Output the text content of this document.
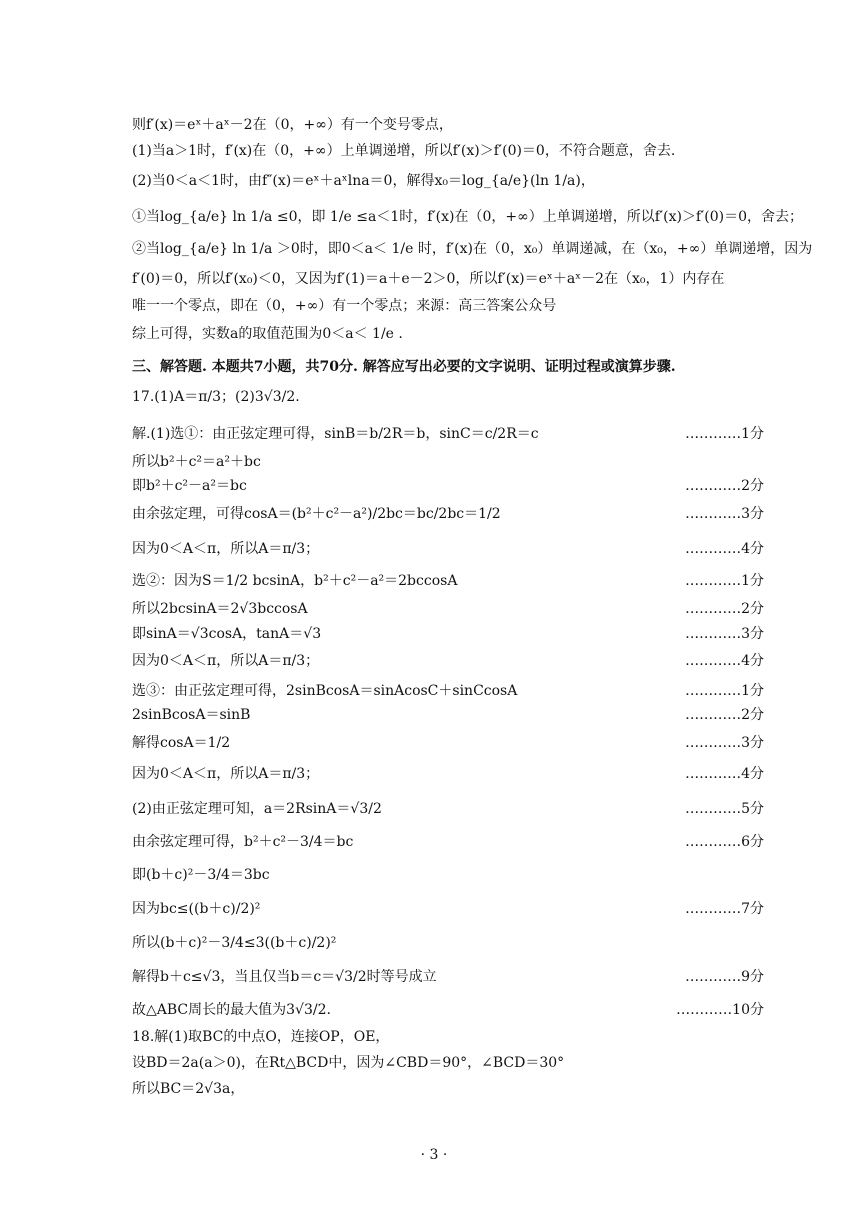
则f′(x)＝eˣ＋aˣ－2在（0，+∞）有一个变号零点，
(1)当a＞1时，f′(x)在（0，+∞）上单调递增，所以f′(x)＞f′(0)＝0，不符合题意，舍去.
(2)当0＜a＜1时，由f″(x)＝eˣ＋aˣlna＝0，解得x₀＝log_{a/e}(ln 1/a)，
①当log_{a/e} ln 1/a ≤0，即 1/e ≤a＜1时，f′(x)在（0，+∞）上单调递增，所以f′(x)＞f′(0)＝0，舍去；
②当log_{a/e} ln 1/a ＞0时，即0＜a＜ 1/e 时，f′(x)在（0，x₀）单调递减，在（x₀，+∞）单调递增，因为
f′(0)＝0，所以f′(x₀)＜0，又因为f′(1)＝a＋e－2＞0，所以f′(x)＝eˣ＋aˣ－2在（x₀，1）内存在
唯一一个零点，即在（0，+∞）有一个零点；来源：高三答案公众号
综上可得，实数a的取值范围为0＜a＜ 1/e .
三、解答题. 本题共7小题，共70分. 解答应写出必要的文字说明、证明过程或演算步骤.
17.(1)A＝π/3；(2)3√3/2.
解.(1)选①：由正弦定理可得，sinB＝b/2R＝b，sinC＝c/2R＝c	…………1分
所以b²＋c²＝a²＋bc
即b²＋c²－a²＝bc	…………2分
由余弦定理，可得cosA＝(b²＋c²－a²)/2bc＝bc/2bc＝1/2	…………3分
因为0＜A＜π，所以A＝π/3；	…………4分
选②：因为S＝1/2 bcsinA，b²＋c²－a²＝2bccosA	…………1分
所以2bcsinA＝2√3bccosA	…………2分
即sinA＝√3cosA，tanA＝√3	…………3分
因为0＜A＜π，所以A＝π/3；	…………4分
选③：由正弦定理可得，2sinBcosA＝sinAcosC＋sinCcosA	…………1分
2sinBcosA＝sinB	…………2分
解得cosA＝1/2	…………3分
因为0＜A＜π，所以A＝π/3；	…………4分
(2)由正弦定理可知，a＝2RsinA＝√3/2	…………5分
由余弦定理可得，b²＋c²－3/4＝bc	…………6分
即(b＋c)²－3/4＝3bc
因为bc≤((b＋c)/2)²	…………7分
所以(b＋c)²－3/4≤3((b＋c)/2)²
解得b＋c≤√3，当且仅当b＝c＝√3/2时等号成立	…………9分
故△ABC周长的最大值为3√3/2.	…………10分
18.解(1)取BC的中点O，连接OP，OE，
设BD＝2a(a＞0)，在Rt△BCD中，因为∠CBD＝90°，∠BCD＝30°
所以BC＝2√3a，
· 3 ·
